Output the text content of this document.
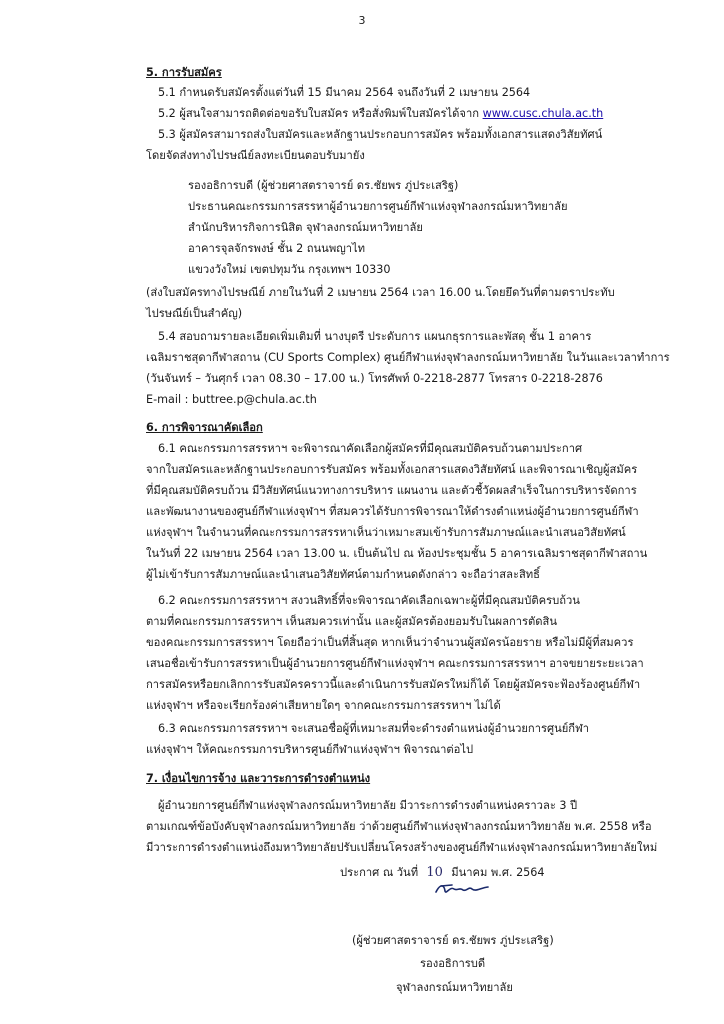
3
5. การรับสมัคร
5.1 กำหนดรับสมัครตั้งแต่วันที่ 15 มีนาคม 2564 จนถึงวันที่ 2 เมษายน 2564
5.2 ผู้สนใจสามารถติดต่อขอรับใบสมัคร หรือสั่งพิมพ์ใบสมัครได้จาก www.cusc.chula.ac.th
5.3 ผู้สมัครสามารถส่งใบสมัครและหลักฐานประกอบการสมัคร พร้อมทั้งเอกสารแสดงวิสัยทัศน์
โดยจัดส่งทางไปรษณีย์ลงทะเบียนตอบรับมายัง
รองอธิการบดี (ผู้ช่วยศาสตราจารย์ ดร.ชัยพร ภู่ประเสริฐ)
ประธานคณะกรรมการสรรหาผู้อำนวยการศูนย์กีฬาแห่งจุฬาลงกรณ์มหาวิทยาลัย
สำนักบริหารกิจการนิสิต จุฬาลงกรณ์มหาวิทยาลัย
อาคารจุลจักรพงษ์ ชั้น 2 ถนนพญาไท
แขวงวังใหม่ เขตปทุมวัน กรุงเทพฯ 10330
(ส่งใบสมัครทางไปรษณีย์ ภายในวันที่ 2 เมษายน 2564 เวลา 16.00 น.โดยยึดวันที่ตามตราประทับ
ไปรษณีย์เป็นสำคัญ)
5.4 สอบถามรายละเอียดเพิ่มเติมที่ นางบุตรี ประดับการ แผนกธุรการและพัสดุ ชั้น 1 อาคาร
เฉลิมราชสุดากีฬาสถาน (CU Sports Complex) ศูนย์กีฬาแห่งจุฬาลงกรณ์มหาวิทยาลัย ในวันและเวลาทำการ
(วันจันทร์ – วันศุกร์ เวลา 08.30 – 17.00 น.) โทรศัพท์ 0-2218-2877 โทรสาร 0-2218-2876
E-mail : buttree.p@chula.ac.th
6. การพิจารณาคัดเลือก
6.1 คณะกรรมการสรรหาฯ จะพิจารณาคัดเลือกผู้สมัครที่มีคุณสมบัติครบถ้วนตามประกาศ
จากใบสมัครและหลักฐานประกอบการรับสมัคร พร้อมทั้งเอกสารแสดงวิสัยทัศน์ และพิจารณาเชิญผู้สมัคร
ที่มีคุณสมบัติครบถ้วน มีวิสัยทัศน์แนวทางการบริหาร แผนงาน และตัวชี้วัดผลสำเร็จในการบริหารจัดการ
และพัฒนางานของศูนย์กีฬาแห่งจุฬาฯ ที่สมควรได้รับการพิจารณาให้ดำรงตำแหน่งผู้อำนวยการศูนย์กีฬา
แห่งจุฬาฯ ในจำนวนที่คณะกรรมการสรรหาเห็นว่าเหมาะสมเข้ารับการสัมภาษณ์และนำเสนอวิสัยทัศน์
ในวันที่ 22 เมษายน 2564 เวลา 13.00 น. เป็นต้นไป ณ ห้องประชุมชั้น 5 อาคารเฉลิมราชสุดากีฬาสถาน
ผู้ไม่เข้ารับการสัมภาษณ์และนำเสนอวิสัยทัศน์ตามกำหนดดังกล่าว จะถือว่าสละสิทธิ์
6.2 คณะกรรมการสรรหาฯ สงวนสิทธิ์ที่จะพิจารณาคัดเลือกเฉพาะผู้ที่มีคุณสมบัติครบถ้วน
ตามที่คณะกรรมการสรรหาฯ เห็นสมควรเท่านั้น และผู้สมัครต้องยอมรับในผลการตัดสิน
ของคณะกรรมการสรรหาฯ โดยถือว่าเป็นที่สิ้นสุด หากเห็นว่าจำนวนผู้สมัครน้อยราย หรือไม่มีผู้ที่สมควร
เสนอชื่อเข้ารับการสรรหาเป็นผู้อำนวยการศูนย์กีฬาแห่งจุฬาฯ คณะกรรมการสรรหาฯ อาจขยายระยะเวลา
การสมัครหรือยกเลิกการรับสมัครคราวนี้และดำเนินการรับสมัครใหม่ก็ได้ โดยผู้สมัครจะฟ้องร้องศูนย์กีฬา
แห่งจุฬาฯ หรือจะเรียกร้องค่าเสียหายใดๆ จากคณะกรรมการสรรหาฯ ไม่ได้
6.3 คณะกรรมการสรรหาฯ จะเสนอชื่อผู้ที่เหมาะสมที่จะดำรงตำแหน่งผู้อำนวยการศูนย์กีฬา
แห่งจุฬาฯ ให้คณะกรรมการบริหารศูนย์กีฬาแห่งจุฬาฯ พิจารณาต่อไป
7. เงื่อนไขการจ้าง และวาระการดำรงตำแหน่ง
ผู้อำนวยการศูนย์กีฬาแห่งจุฬาลงกรณ์มหาวิทยาลัย มีวาระการดำรงตำแหน่งคราวละ 3 ปี
ตามเกณฑ์ข้อบังคับจุฬาลงกรณ์มหาวิทยาลัย ว่าด้วยศูนย์กีฬาแห่งจุฬาลงกรณ์มหาวิทยาลัย พ.ศ. 2558 หรือ
มีวาระการดำรงตำแหน่งถึงมหาวิทยาลัยปรับเปลี่ยนโครงสร้างของศูนย์กีฬาแห่งจุฬาลงกรณ์มหาวิทยาลัยใหม่
ประกาศ ณ วันที่ 10 มีนาคม พ.ศ. 2564
(ผู้ช่วยศาสตราจารย์ ดร.ชัยพร ภู่ประเสริฐ)
รองอธิการบดี
จุฬาลงกรณ์มหาวิทยาลัย
